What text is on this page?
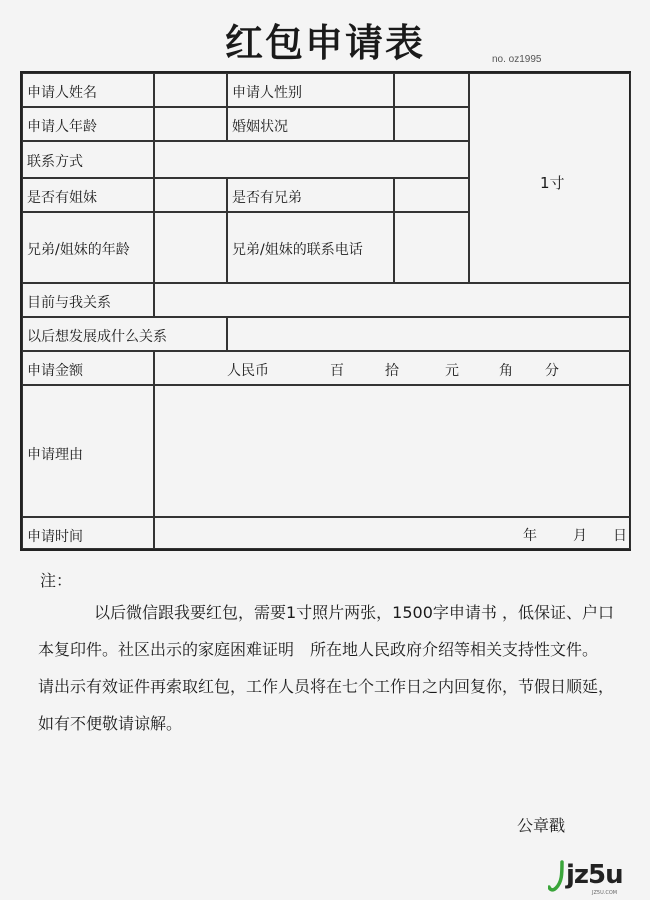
红包申请表	no. oz1995
申请人姓名	申请人性别
1寸
申请人年龄	婚姻状况
联系方式
是否有姐妹	是否有兄弟
兄弟/姐妹的年龄	兄弟/姐妹的联系电话
目前与我关系
以后想发展成什么关系
申请金额	人民币	百	拾	元	角 分
申请理由
申请时间	年	月 日
注：
以后微信跟我要红包，需要1寸照片两张，1500字申请书 ，低保证、户口本复印件。社区出示的家庭困难证明　所在地人民政府介绍等相关支持性文件。　请出示有效证件再索取红包，工作人员将在七个工作日之内回复你，节假日顺延，如有不便敬请谅解。
公章戳
jz5u
JZ5U.COM
